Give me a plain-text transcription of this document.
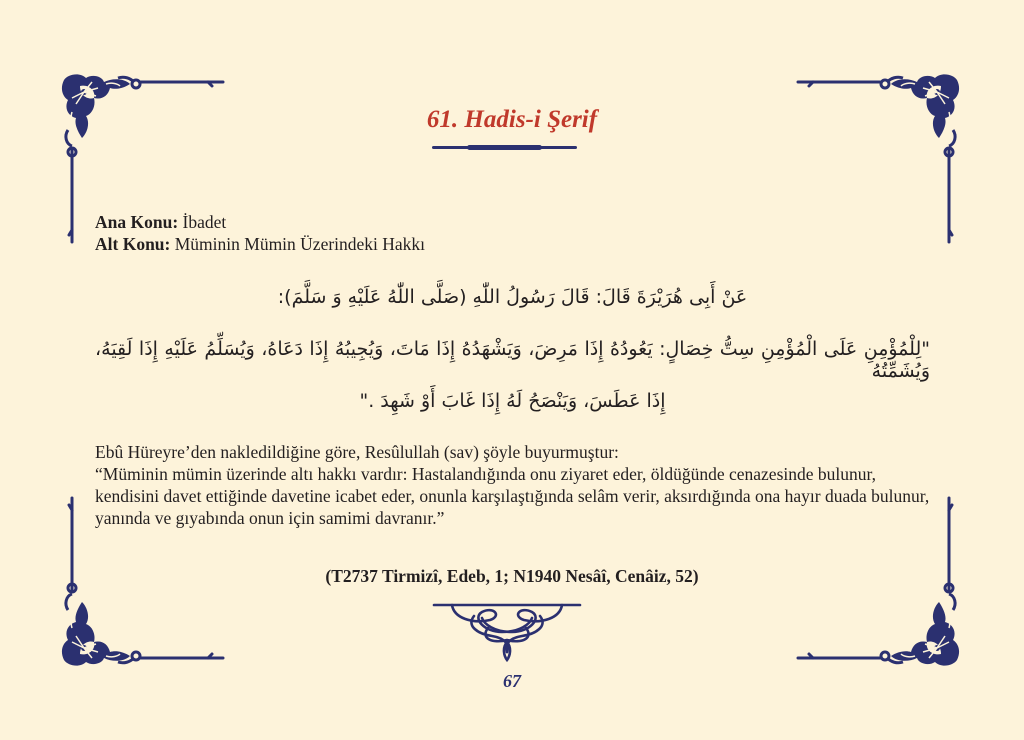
61. Hadis-i Şerif
Ana Konu: İbadet
Alt Konu: Müminin Mümin Üzerindeki Hakkı
عَنْ أَبِى هُرَيْرَةَ قَالَ: قَالَ رَسُولُ اللّٰهِ (صَلَّى اللّٰهُ عَلَيْهِ وَ سَلَّمَ):
"لِلْمُؤْمِنِ عَلَى الْمُؤْمِنِ سِتُّ خِصَالٍ: يَعُودُهُ إِذَا مَرِضَ، وَيَشْهَدُهُ إِذَا مَاتَ، وَيُجِيبُهُ إِذَا دَعَاهُ، وَيُسَلِّمُ عَلَيْهِ إِذَا لَقِيَهُ، وَيُشَمِّتُهُ
إِذَا عَطَسَ، وَيَنْصَحُ لَهُ إِذَا غَابَ أَوْ شَهِدَ ."
Ebû Hüreyre’den nakledildiğine göre, Resûlullah (sav) şöyle buyurmuştur:
“Müminin mümin üzerinde altı hakkı vardır: Hastalandığında onu ziyaret eder, öldüğünde cenazesinde bulunur, kendisini davet ettiğinde davetine icabet eder, onunla karşılaştığında selâm verir, aksırdığında ona hayır duada bulunur, yanında ve gıyabında onun için samimi davranır.”
(T2737 Tirmizî, Edeb, 1; N1940 Nesâî, Cenâiz, 52)
67
